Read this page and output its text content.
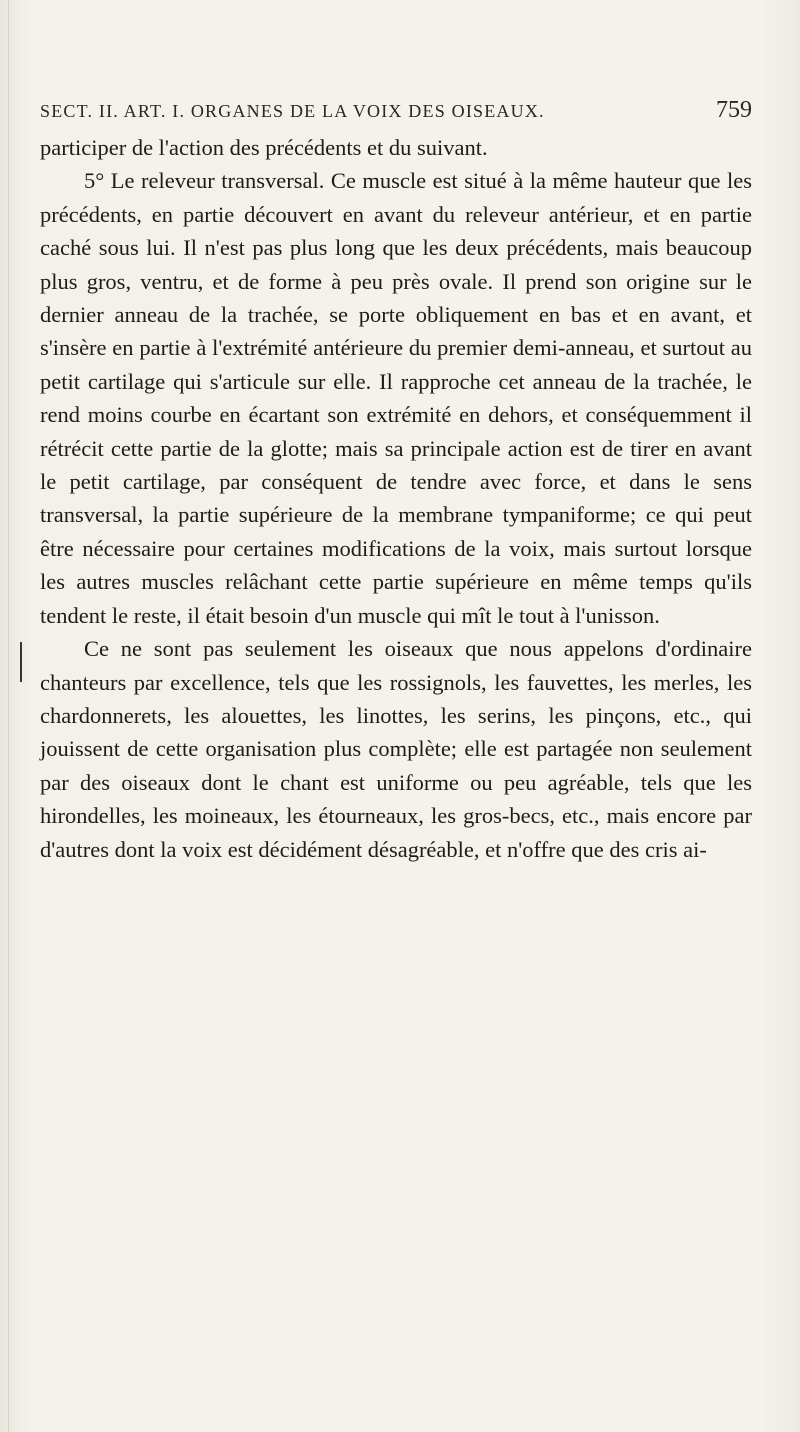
SECT. II. ART. I. ORGANES DE LA VOIX DES OISEAUX.	759

participer de l'action des précédents et du suivant.

5° Le releveur transversal. Ce muscle est situé à la même hauteur que les précédents, en partie découvert en avant du releveur antérieur, et en partie caché sous lui. Il n'est pas plus long que les deux précédents, mais beaucoup plus gros, ventru, et de forme à peu près ovale. Il prend son origine sur le dernier anneau de la trachée, se porte obliquement en bas et en avant, et s'insère en partie à l'extrémité antérieure du premier demi-anneau, et surtout au petit cartilage qui s'articule sur elle. Il rapproche cet anneau de la trachée, le rend moins courbe en écartant son extrémité en dehors, et conséquemment il rétrécit cette partie de la glotte; mais sa principale action est de tirer en avant le petit cartilage, par conséquent de tendre avec force, et dans le sens transversal, la partie supérieure de la membrane tympaniforme; ce qui peut être nécessaire pour certaines modifications de la voix, mais surtout lorsque les autres muscles relâchant cette partie supérieure en même temps qu'ils tendent le reste, il était besoin d'un muscle qui mît le tout à l'unisson.

Ce ne sont pas seulement les oiseaux que nous appelons d'ordinaire chanteurs par excellence, tels que les rossignols, les fauvettes, les merles, les chardonnerets, les alouettes, les linottes, les serins, les pinçons, etc., qui jouissent de cette organisation plus complète; elle est partagée non seulement par des oiseaux dont le chant est uniforme ou peu agréable, tels que les hirondelles, les moineaux, les étourneaux, les gros-becs, etc., mais encore par d'autres dont la voix est décidément désagréable, et n'offre que des cris ai-
